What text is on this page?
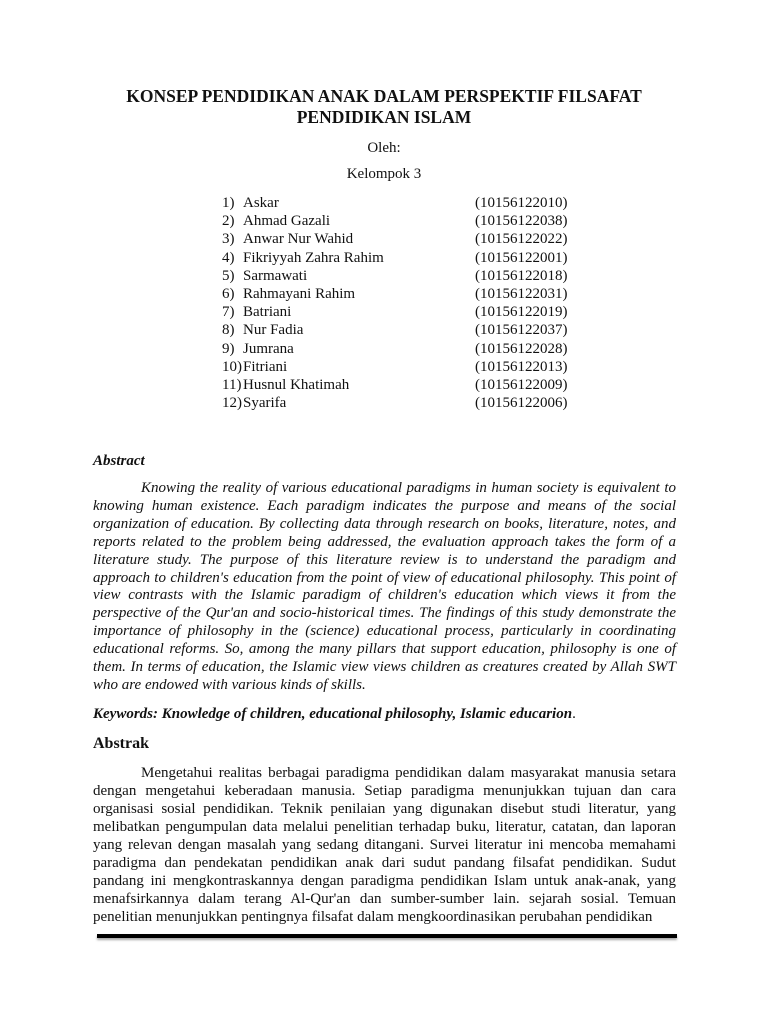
KONSEP PENDIDIKAN ANAK DALAM PERSPEKTIF FILSAFAT PENDIDIKAN ISLAM
Oleh:
Kelompok 3
1) Askar	(10156122010)
2) Ahmad Gazali	(10156122038)
3) Anwar Nur Wahid	(10156122022)
4) Fikriyyah Zahra Rahim	(10156122001)
5) Sarmawati	(10156122018)
6) Rahmayani Rahim	(10156122031)
7) Batriani	(10156122019)
8) Nur Fadia	(10156122037)
9) Jumrana	(10156122028)
10) Fitriani	(10156122013)
11) Husnul Khatimah	(10156122009)
12) Syarifa	(10156122006)
Abstract

Knowing the reality of various educational paradigms in human society is equivalent to knowing human existence. Each paradigm indicates the purpose and means of the social organization of education. By collecting data through research on books, literature, notes, and reports related to the problem being addressed, the evaluation approach takes the form of a literature study. The purpose of this literature review is to understand the paradigm and approach to children's education from the point of view of educational philosophy. This point of view contrasts with the Islamic paradigm of children's education which views it from the perspective of the Qur'an and socio-historical times. The findings of this study demonstrate the importance of philosophy in the (science) educational process, particularly in coordinating educational reforms. So, among the many pillars that support education, philosophy is one of them. In terms of education, the Islamic view views children as creatures created by Allah SWT who are endowed with various kinds of skills.

Keywords: Knowledge of children, educational philosophy, Islamic educarion.
Abstrak

Mengetahui realitas berbagai paradigma pendidikan dalam masyarakat manusia setara dengan mengetahui keberadaan manusia. Setiap paradigma menunjukkan tujuan dan cara organisasi sosial pendidikan. Teknik penilaian yang digunakan disebut studi literatur, yang melibatkan pengumpulan data melalui penelitian terhadap buku, literatur, catatan, dan laporan yang relevan dengan masalah yang sedang ditangani. Survei literatur ini mencoba memahami paradigma dan pendekatan pendidikan anak dari sudut pandang filsafat pendidikan. Sudut pandang ini mengkontraskannya dengan paradigma pendidikan Islam untuk anak-anak, yang menafsirkannya dalam terang Al-Qur'an dan sumber-sumber lain. sejarah sosial. Temuan penelitian menunjukkan pentingnya filsafat dalam mengkoordinasikan perubahan pendidikan
